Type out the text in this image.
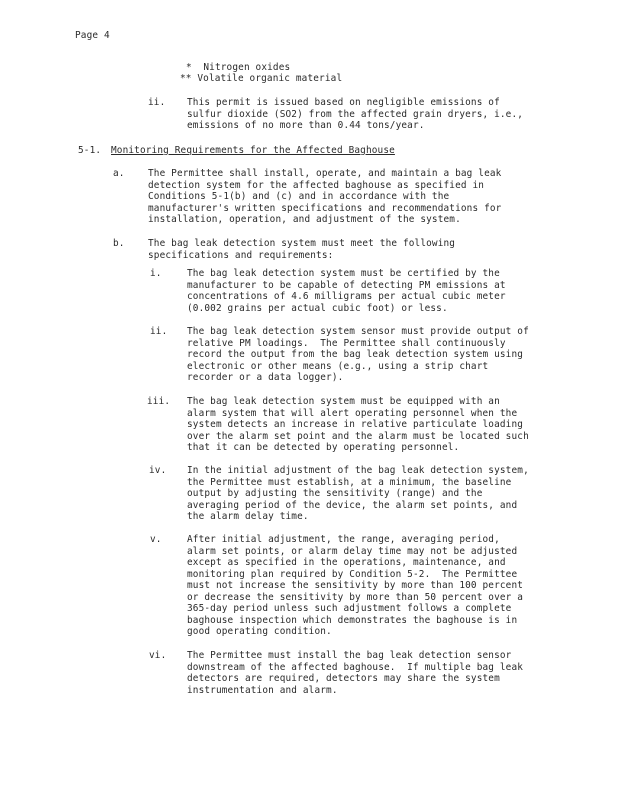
Page 4

*  Nitrogen oxides

** Volatile organic material

ii. This permit is issued based on negligible emissions of

sulfur dioxide (SO2) from the affected grain dryers, i.e.,

emissions of no more than 0.44 tons/year.

5-1. Monitoring Requirements for the Affected Baghouse

a. The Permittee shall install, operate, and maintain a bag leak

detection system for the affected baghouse as specified in

Conditions 5-1(b) and (c) and in accordance with the

manufacturer's written specifications and recommendations for

installation, operation, and adjustment of the system.

b. The bag leak detection system must meet the following

specifications and requirements:

i.	The bag leak detection system must be certified by the

manufacturer to be capable of detecting PM emissions at

concentrations of 4.6 milligrams per actual cubic meter

(0.002 grains per actual cubic foot) or less.

ii. The bag leak detection system sensor must provide output of

relative PM loadings.  The Permittee shall continuously

record the output from the bag leak detection system using

electronic or other means (e.g., using a strip chart

recorder or a data logger).

iii. The bag leak detection system must be equipped with an

alarm system that will alert operating personnel when the

system detects an increase in relative particulate loading

over the alarm set point and the alarm must be located such

that it can be detected by operating personnel.

iv. In the initial adjustment of the bag leak detection system,

the Permittee must establish, at a minimum, the baseline

output by adjusting the sensitivity (range) and the

averaging period of the device, the alarm set points, and

the alarm delay time.

v.	After initial adjustment, the range, averaging period,

alarm set points, or alarm delay time may not be adjusted

except as specified in the operations, maintenance, and

monitoring plan required by Condition 5-2.  The Permittee

must not increase the sensitivity by more than 100 percent

or decrease the sensitivity by more than 50 percent over a

365-day period unless such adjustment follows a complete

baghouse inspection which demonstrates the baghouse is in

good operating condition.

vi. The Permittee must install the bag leak detection sensor

downstream of the affected baghouse.  If multiple bag leak

detectors are required, detectors may share the system

instrumentation and alarm.
